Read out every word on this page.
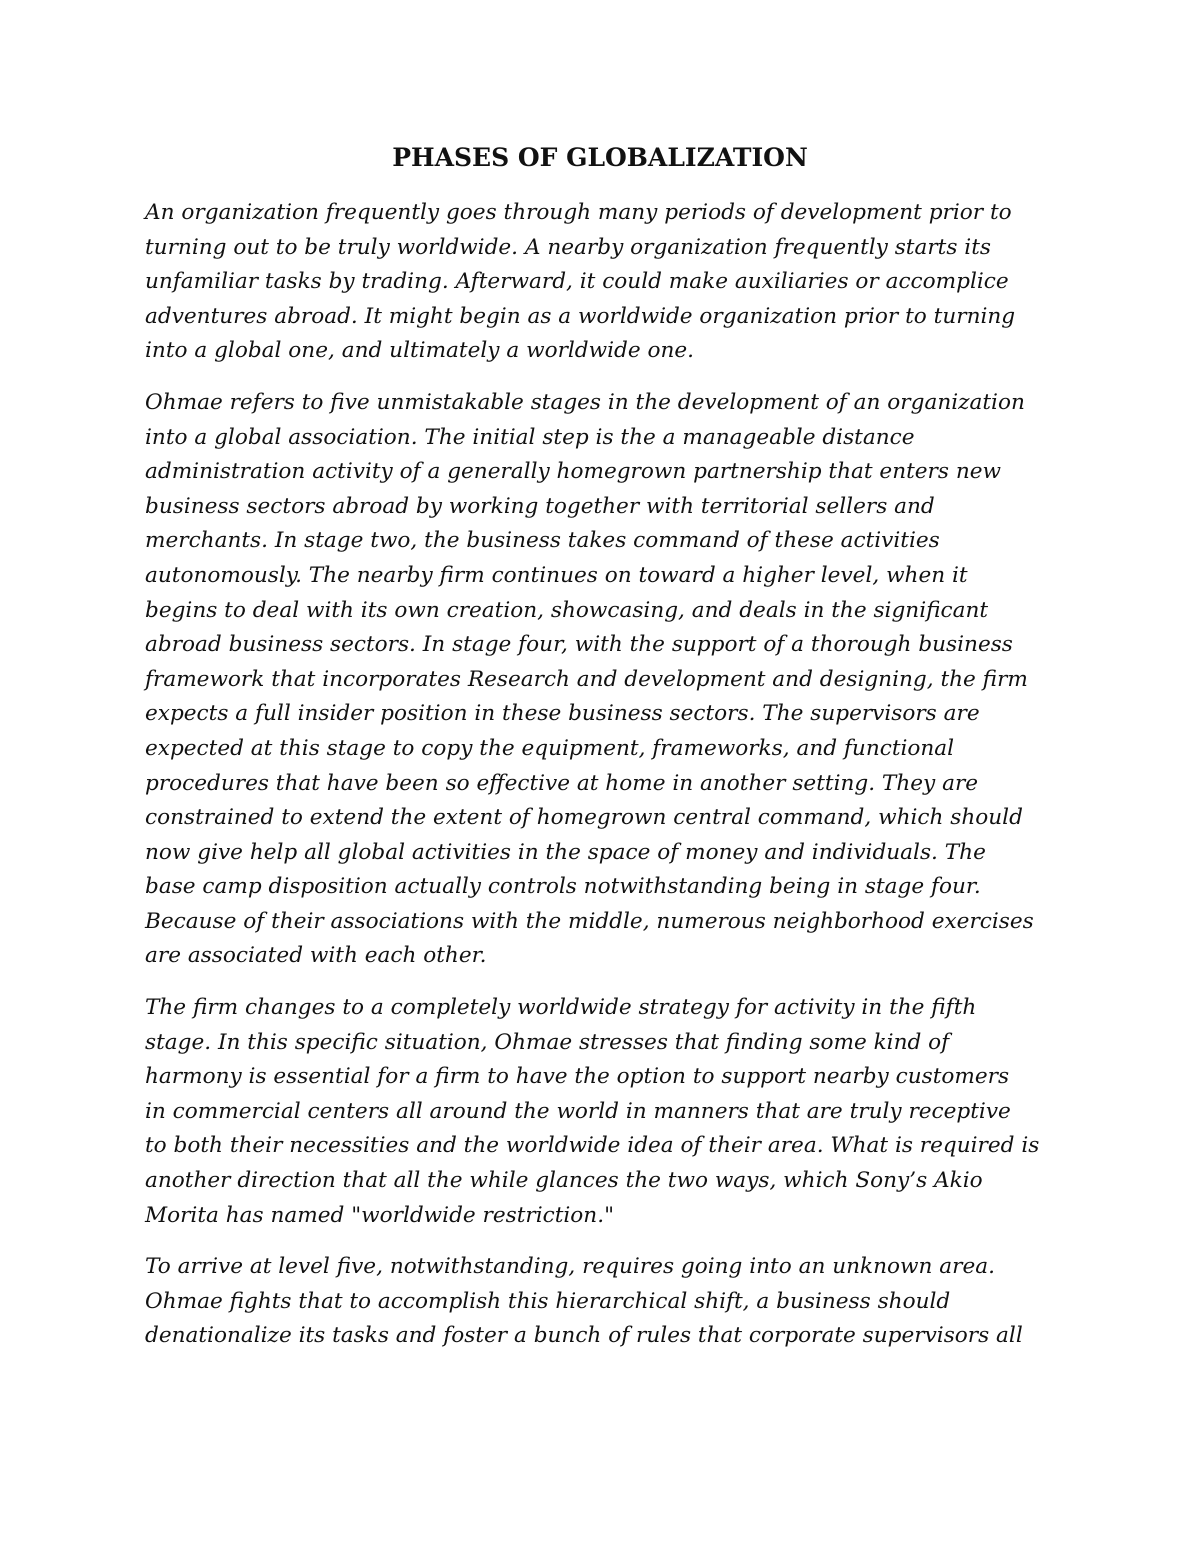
PHASES OF GLOBALIZATION

An organization frequently goes through many periods of development prior to
turning out to be truly worldwide. A nearby organization frequently starts its
unfamiliar tasks by trading. Afterward, it could make auxiliaries or accomplice
adventures abroad. It might begin as a worldwide organization prior to turning
into a global one, and ultimately a worldwide one.

Ohmae refers to five unmistakable stages in the development of an organization
into a global association. The initial step is the a manageable distance
administration activity of a generally homegrown partnership that enters new
business sectors abroad by working together with territorial sellers and
merchants. In stage two, the business takes command of these activities
autonomously. The nearby firm continues on toward a higher level, when it
begins to deal with its own creation, showcasing, and deals in the significant
abroad business sectors. In stage four, with the support of a thorough business
framework that incorporates Research and development and designing, the firm
expects a full insider position in these business sectors. The supervisors are
expected at this stage to copy the equipment, frameworks, and functional
procedures that have been so effective at home in another setting. They are
constrained to extend the extent of homegrown central command, which should
now give help all global activities in the space of money and individuals. The
base camp disposition actually controls notwithstanding being in stage four.
Because of their associations with the middle, numerous neighborhood exercises
are associated with each other.

The firm changes to a completely worldwide strategy for activity in the fifth
stage. In this specific situation, Ohmae stresses that finding some kind of
harmony is essential for a firm to have the option to support nearby customers
in commercial centers all around the world in manners that are truly receptive
to both their necessities and the worldwide idea of their area. What is required is
another direction that all the while glances the two ways, which Sony’s Akio
Morita has named "worldwide restriction."

To arrive at level five, notwithstanding, requires going into an unknown area.
Ohmae fights that to accomplish this hierarchical shift, a business should
denationalize its tasks and foster a bunch of rules that corporate supervisors all
